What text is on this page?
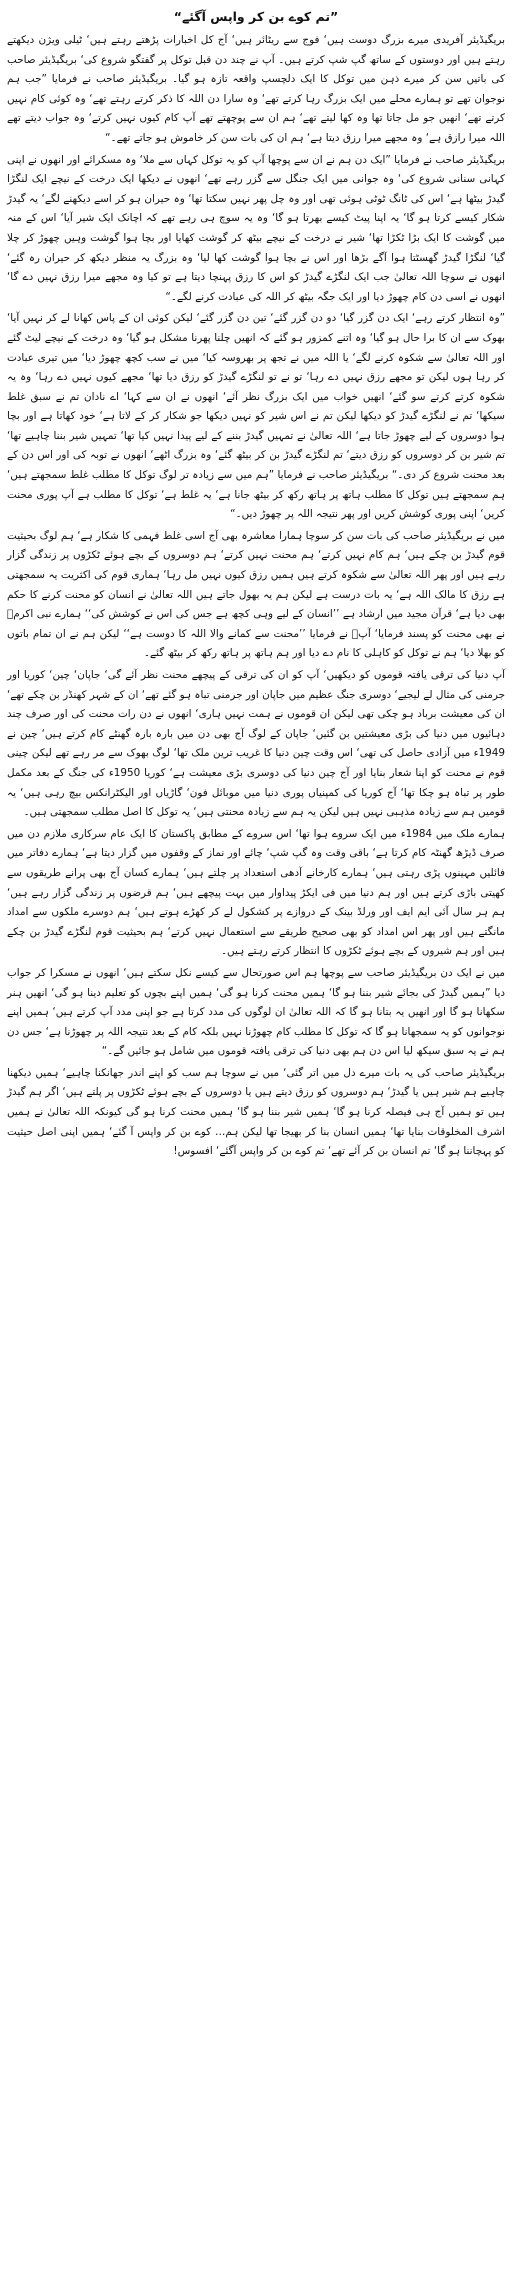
”تم کوے بن کر واپس آگئے“

بریگیڈیئر آفریدی میرے بزرگ دوست ہیں‘ فوج سے ریٹائر ہیں‘ آج کل اخبارات پڑھتے رہتے ہیں‘ ٹیلی ویژن دیکھتے رہتے ہیں اور دوستوں کے ساتھ گپ شپ کرتے ہیں۔ آپ نے چند دن قبل توکل پر گفتگو شروع کی‘ بریگیڈیئر صاحب کی باتیں سن کر میرے ذہن میں توکل کا ایک دلچسپ واقعہ تازہ ہو گیا۔ بریگیڈیئر صاحب نے فرمایا ”جب ہم نوجوان تھے تو ہمارے محلے میں ایک بزرگ رہا کرتے تھے‘ وہ سارا دن اللہ کا ذکر کرتے رہتے تھے‘ وہ کوئی کام نہیں کرتے تھے‘ انھیں جو مل جاتا تھا وہ کھا لیتے تھے‘ ہم ان سے پوچھتے تھے آپ کام کیوں نہیں کرتے‘ وہ جواب دیتے تھے اللہ میرا رازق ہے‘ وہ مجھے میرا رزق دیتا ہے‘ ہم ان کی بات سن کر خاموش ہو جاتے تھے۔“

بریگیڈیئر صاحب نے فرمایا ”ایک دن ہم نے ان سے پوچھا آپ کو یہ توکل کہاں سے ملا‘ وہ مسکرائے اور انھوں نے اپنی کہانی سنانی شروع کی‘ وہ جوانی میں ایک جنگل سے گزر رہے تھے‘ انھوں نے دیکھا ایک درخت کے نیچے ایک لنگڑا گیدڑ بیٹھا ہے‘ اس کی ٹانگ ٹوٹی ہوئی تھی اور وہ چل پھر نہیں سکتا تھا‘ وہ حیران ہو کر اسے دیکھنے لگے‘ یہ گیدڑ شکار کیسے کرتا ہو گا‘ یہ اپنا پیٹ کیسے بھرتا ہو گا‘ وہ یہ سوچ ہی رہے تھے کہ اچانک ایک شیر آیا‘ اس کے منہ میں گوشت کا ایک بڑا ٹکڑا تھا‘ شیر نے درخت کے نیچے بیٹھ کر گوشت کھایا اور بچا ہوا گوشت وہیں چھوڑ کر چلا گیا‘ لنگڑا گیدڑ گھسٹتا ہوا آگے بڑھا اور اس نے بچا ہوا گوشت کھا لیا‘ وہ بزرگ یہ منظر دیکھ کر حیران رہ گئے‘ انھوں نے سوچا اللہ تعالیٰ جب ایک لنگڑے گیدڑ کو اس کا رزق پہنچا دیتا ہے تو کیا وہ مجھے میرا رزق نہیں دے گا‘ انھوں نے اسی دن کام چھوڑ دیا اور ایک جگہ بیٹھ کر اللہ کی عبادت کرنے لگے۔“

”وہ انتظار کرتے رہے‘ ایک دن گزر گیا‘ دو دن گزر گئے‘ تین دن گزر گئے‘ لیکن کوئی ان کے پاس کھانا لے کر نہیں آیا‘ بھوک سے ان کا برا حال ہو گیا‘ وہ اتنے کمزور ہو گئے کہ انھیں چلنا پھرنا مشکل ہو گیا‘ وہ درخت کے نیچے لیٹ گئے اور اللہ تعالیٰ سے شکوہ کرنے لگے‘ یا اللہ میں نے تجھ پر بھروسہ کیا‘ میں نے سب کچھ چھوڑ دیا‘ میں تیری عبادت کر رہا ہوں لیکن تو مجھے رزق نہیں دے رہا‘ تو نے تو لنگڑے گیدڑ کو رزق دیا تھا‘ مجھے کیوں نہیں دے رہا‘ وہ یہ شکوہ کرتے کرتے سو گئے‘ انھیں خواب میں ایک بزرگ نظر آئے‘ انھوں نے ان سے کہا‘ اے نادان تم نے سبق غلط سیکھا‘ تم نے لنگڑے گیدڑ کو دیکھا لیکن تم نے اس شیر کو نہیں دیکھا جو شکار کر کے لاتا ہے‘ خود کھاتا ہے اور بچا ہوا دوسروں کے لیے چھوڑ جاتا ہے‘ اللہ تعالیٰ نے تمہیں گیدڑ بننے کے لیے پیدا نہیں کیا تھا‘ تمہیں شیر بننا چاہیے تھا‘ تم شیر بن کر دوسروں کو رزق دیتے‘ تم لنگڑے گیدڑ بن کر بیٹھ گئے‘ وہ بزرگ اٹھے‘ انھوں نے توبہ کی اور اس دن کے بعد محنت شروع کر دی۔“ بریگیڈیئر صاحب نے فرمایا ”ہم میں سے زیادہ تر لوگ توکل کا مطلب غلط سمجھتے ہیں‘ ہم سمجھتے ہیں توکل کا مطلب ہاتھ پر ہاتھ رکھ کر بیٹھ جانا ہے‘ یہ غلط ہے‘ توکل کا مطلب ہے آپ پوری محنت کریں‘ اپنی پوری کوشش کریں اور پھر نتیجہ اللہ پر چھوڑ دیں۔“

میں نے بریگیڈیئر صاحب کی بات سن کر سوچا ہمارا معاشرہ بھی آج اسی غلط فہمی کا شکار ہے‘ ہم لوگ بحیثیت قوم گیدڑ بن چکے ہیں‘ ہم کام نہیں کرتے‘ ہم محنت نہیں کرتے‘ ہم دوسروں کے بچے ہوئے ٹکڑوں پر زندگی گزار رہے ہیں اور پھر اللہ تعالیٰ سے شکوہ کرتے ہیں ہمیں رزق کیوں نہیں مل رہا‘ ہماری قوم کی اکثریت یہ سمجھتی ہے رزق کا مالک اللہ ہے‘ یہ بات درست ہے لیکن ہم یہ بھول جاتے ہیں اللہ تعالیٰ نے انسان کو محنت کرنے کا حکم بھی دیا ہے‘ قرآن مجید میں ارشاد ہے ’’انسان کے لیے وہی کچھ ہے جس کی اس نے کوشش کی‘‘ ہمارے نبی اکرمؐ نے بھی محنت کو پسند فرمایا‘ آپؐ نے فرمایا ’’محنت سے کمانے والا اللہ کا دوست ہے‘‘ لیکن ہم نے ان تمام باتوں کو بھلا دیا‘ ہم نے توکل کو کاہلی کا نام دے دیا اور ہم ہاتھ پر ہاتھ رکھ کر بیٹھ گئے۔

آپ دنیا کی ترقی یافتہ قوموں کو دیکھیں‘ آپ کو ان کی ترقی کے پیچھے محنت نظر آئے گی‘ جاپان‘ چین‘ کوریا اور جرمنی کی مثال لے لیجیے‘ دوسری جنگ عظیم میں جاپان اور جرمنی تباہ ہو گئے تھے‘ ان کے شہر کھنڈر بن چکے تھے‘ ان کی معیشت برباد ہو چکی تھی لیکن ان قوموں نے ہمت نہیں ہاری‘ انھوں نے دن رات محنت کی اور صرف چند دہائیوں میں دنیا کی بڑی معیشتیں بن گئیں‘ جاپان کے لوگ آج بھی دن میں بارہ بارہ گھنٹے کام کرتے ہیں‘ چین نے 1949ء میں آزادی حاصل کی تھی‘ اس وقت چین دنیا کا غریب ترین ملک تھا‘ لوگ بھوک سے مر رہے تھے لیکن چینی قوم نے محنت کو اپنا شعار بنایا اور آج چین دنیا کی دوسری بڑی معیشت ہے‘ کوریا 1950ء کی جنگ کے بعد مکمل طور پر تباہ ہو چکا تھا‘ آج کوریا کی کمپنیاں پوری دنیا میں موبائل فون‘ گاڑیاں اور الیکٹرانکس بیچ رہی ہیں‘ یہ قومیں ہم سے زیادہ مذہبی نہیں ہیں لیکن یہ ہم سے زیادہ محنتی ہیں‘ یہ توکل کا اصل مطلب سمجھتی ہیں۔

ہمارے ملک میں 1984ء میں ایک سروے ہوا تھا‘ اس سروے کے مطابق پاکستان کا ایک عام سرکاری ملازم دن میں صرف ڈیڑھ گھنٹہ کام کرتا ہے‘ باقی وقت وہ گپ شپ‘ چائے اور نماز کے وقفوں میں گزار دیتا ہے‘ ہمارے دفاتر میں فائلیں مہینوں پڑی رہتی ہیں‘ ہمارے کارخانے آدھی استعداد پر چلتے ہیں‘ ہمارے کسان آج بھی پرانے طریقوں سے کھیتی باڑی کرتے ہیں اور ہم دنیا میں فی ایکڑ پیداوار میں بہت پیچھے ہیں‘ ہم قرضوں پر زندگی گزار رہے ہیں‘ ہم ہر سال آئی ایم ایف اور ورلڈ بینک کے دروازے پر کشکول لے کر کھڑے ہوتے ہیں‘ ہم دوسرے ملکوں سے امداد مانگتے ہیں اور پھر اس امداد کو بھی صحیح طریقے سے استعمال نہیں کرتے‘ ہم بحیثیت قوم لنگڑے گیدڑ بن چکے ہیں اور ہم شیروں کے بچے ہوئے ٹکڑوں کا انتظار کرتے رہتے ہیں۔

میں نے ایک دن بریگیڈیئر صاحب سے پوچھا ہم اس صورتحال سے کیسے نکل سکتے ہیں‘ انھوں نے مسکرا کر جواب دیا ”ہمیں گیدڑ کی بجائے شیر بننا ہو گا‘ ہمیں محنت کرنا ہو گی‘ ہمیں اپنے بچوں کو تعلیم دینا ہو گی‘ انھیں ہنر سکھانا ہو گا اور انھیں یہ بتانا ہو گا کہ اللہ تعالیٰ ان لوگوں کی مدد کرتا ہے جو اپنی مدد آپ کرتے ہیں‘ ہمیں اپنے نوجوانوں کو یہ سمجھانا ہو گا کہ توکل کا مطلب کام چھوڑنا نہیں بلکہ کام کے بعد نتیجہ اللہ پر چھوڑنا ہے‘ جس دن ہم نے یہ سبق سیکھ لیا اس دن ہم بھی دنیا کی ترقی یافتہ قوموں میں شامل ہو جائیں گے۔“

بریگیڈیئر صاحب کی یہ بات میرے دل میں اتر گئی‘ میں نے سوچا ہم سب کو اپنے اندر جھانکنا چاہیے‘ ہمیں دیکھنا چاہیے ہم شیر ہیں یا گیدڑ‘ ہم دوسروں کو رزق دیتے ہیں یا دوسروں کے بچے ہوئے ٹکڑوں پر پلتے ہیں‘ اگر ہم گیدڑ ہیں تو ہمیں آج ہی فیصلہ کرنا ہو گا‘ ہمیں شیر بننا ہو گا‘ ہمیں محنت کرنا ہو گی کیونکہ اللہ تعالیٰ نے ہمیں اشرف المخلوقات بنایا تھا‘ ہمیں انسان بنا کر بھیجا تھا لیکن ہم… کوے بن کر واپس آ گئے‘ ہمیں اپنی اصل حیثیت کو پہچاننا ہو گا‘ تم انسان بن کر آئے تھے‘ تم کوے بن کر واپس آگئے‘ افسوس!
